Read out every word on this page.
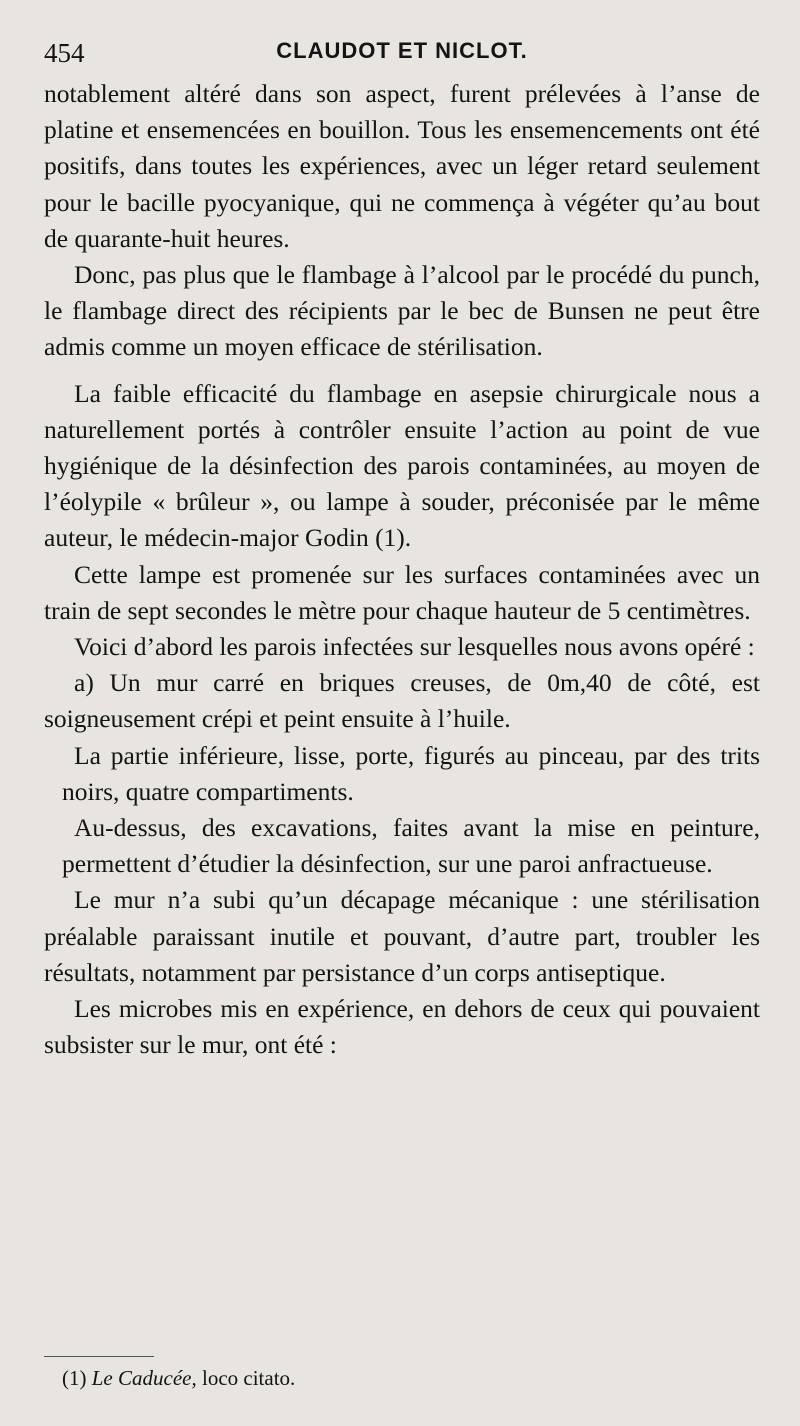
454	CLAUDOT ET NICLOT.

notablement altéré dans son aspect, furent prélevées à l’anse de platine et ensemencées en bouillon. Tous les ensemencements ont été positifs, dans toutes les expériences, avec un léger retard seulement pour le bacille pyocyanique, qui ne commença à végéter qu’au bout de quarante-huit heures.

Donc, pas plus que le flambage à l’alcool par le procédé du punch, le flambage direct des récipients par le bec de Bunsen ne peut être admis comme un moyen efficace de stérilisation.

La faible efficacité du flambage en asepsie chirurgicale nous a naturellement portés à contrôler ensuite l’action au point de vue hygiénique de la désinfection des parois contaminées, au moyen de l’éolypile « brûleur », ou lampe à souder, préconisée par le même auteur, le médecin-major Godin (1).

Cette lampe est promenée sur les surfaces contaminées avec un train de sept secondes le mètre pour chaque hauteur de 5 centimètres.

Voici d’abord les parois infectées sur lesquelles nous avons opéré :

a) Un mur carré en briques creuses, de 0m,40 de côté, est soigneusement crépi et peint ensuite à l’huile.

La partie inférieure, lisse, porte, figurés au pinceau, par des trits noirs, quatre compartiments.

Au-dessus, des excavations, faites avant la mise en peinture, permettent d’étudier la désinfection, sur une paroi anfractueuse.

Le mur n’a subi qu’un décapage mécanique : une stérilisation préalable paraissant inutile et pouvant, d’autre part, troubler les résultats, notamment par persistance d’un corps antiseptique.

Les microbes mis en expérience, en dehors de ceux qui pouvaient subsister sur le mur, ont été :

(1) Le Caducée, loco citato.
